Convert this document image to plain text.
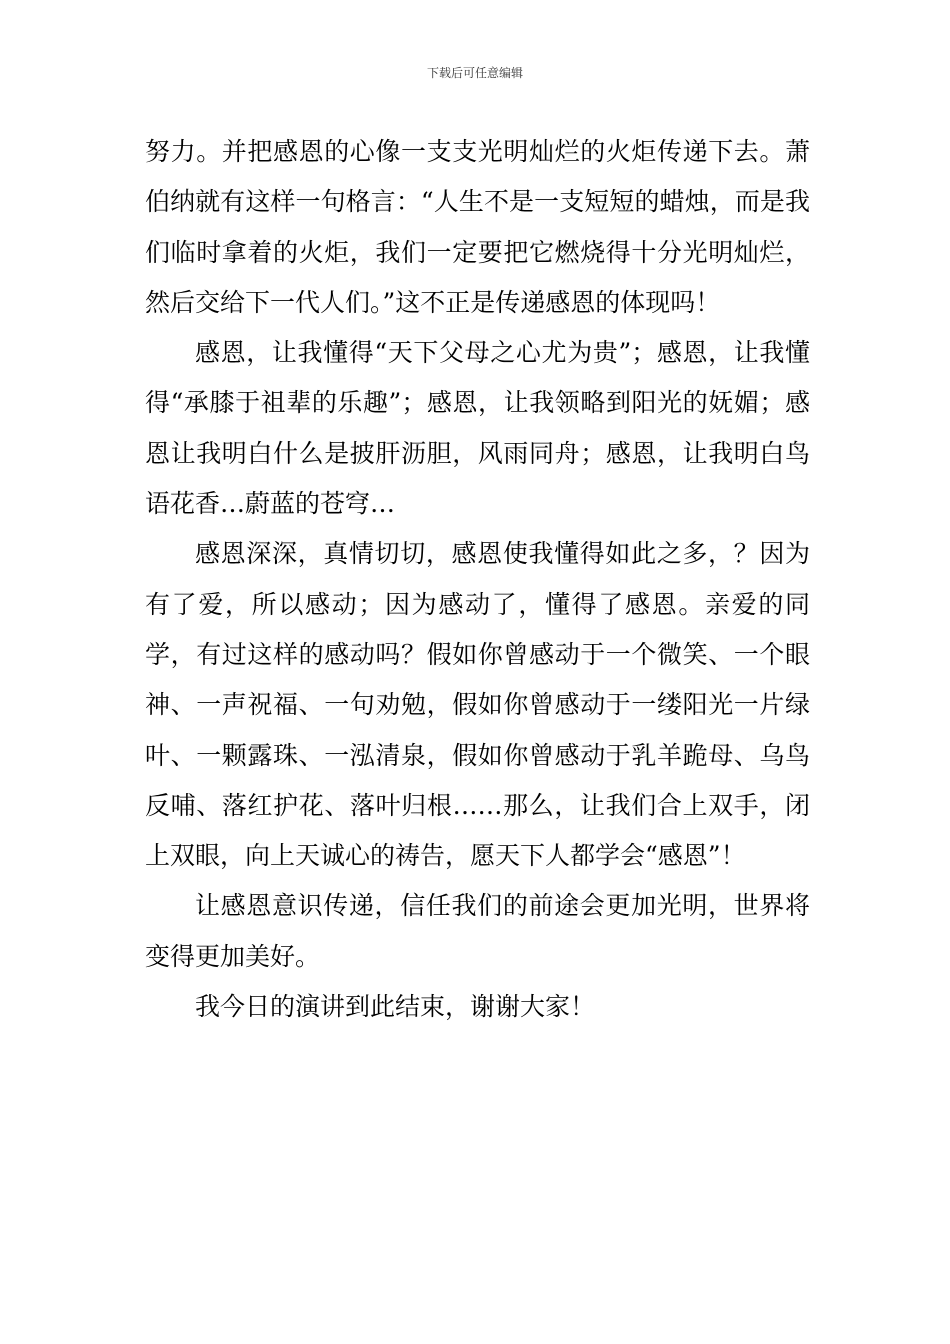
下载后可任意编辑

努力。并把感恩的心像一支支光明灿烂的火炬传递下去。萧伯纳就有这样一句格言：“人生不是一支短短的蜡烛，而是我们临时拿着的火炬，我们一定要把它燃烧得十分光明灿烂，然后交给下一代人们。”这不正是传递感恩的体现吗！

感恩，让我懂得“天下父母之心尤为贵”；感恩，让我懂得“承膝于祖辈的乐趣”；感恩，让我领略到阳光的妩媚；感恩让我明白什么是披肝沥胆，风雨同舟；感恩，让我明白鸟语花香…蔚蓝的苍穹…

感恩深深，真情切切，感恩使我懂得如此之多，？因为有了爱，所以感动；因为感动了，懂得了感恩。亲爱的同学，有过这样的感动吗？假如你曾感动于一个微笑、一个眼神、一声祝福、一句劝勉，假如你曾感动于一缕阳光一片绿叶、一颗露珠、一泓清泉，假如你曾感动于乳羊跪母、乌鸟反哺、落红护花、落叶归根……那么，让我们合上双手，闭上双眼，向上天诚心的祷告，愿天下人都学会“感恩”！

让感恩意识传递，信任我们的前途会更加光明，世界将变得更加美好。

我今日的演讲到此结束，谢谢大家！
